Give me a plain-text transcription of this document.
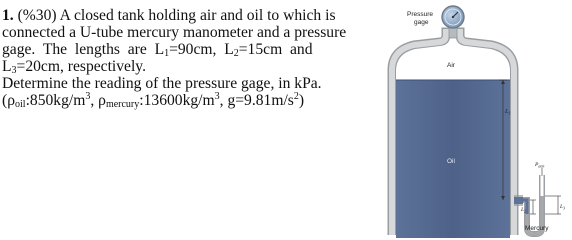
1. (%30) A closed tank holding air and oil to which is
connected a U-tube mercury manometer and a pressure
gage.  The  lengths  are  $L_1=90cm$,  $L_2=15cm$  and
$L_3=20cm$, respectively.
Determine the reading of the pressure gage, in kPa.
($\rho_{oil}:850kg/m^3$, $\rho_{mercury}:13600kg/m^3$, $g=9.81m/s^2$)
Pressure
gage
Air
Oil
$L_1$
$L_2$
$L_3$
$P_{atm}$
Mercury
